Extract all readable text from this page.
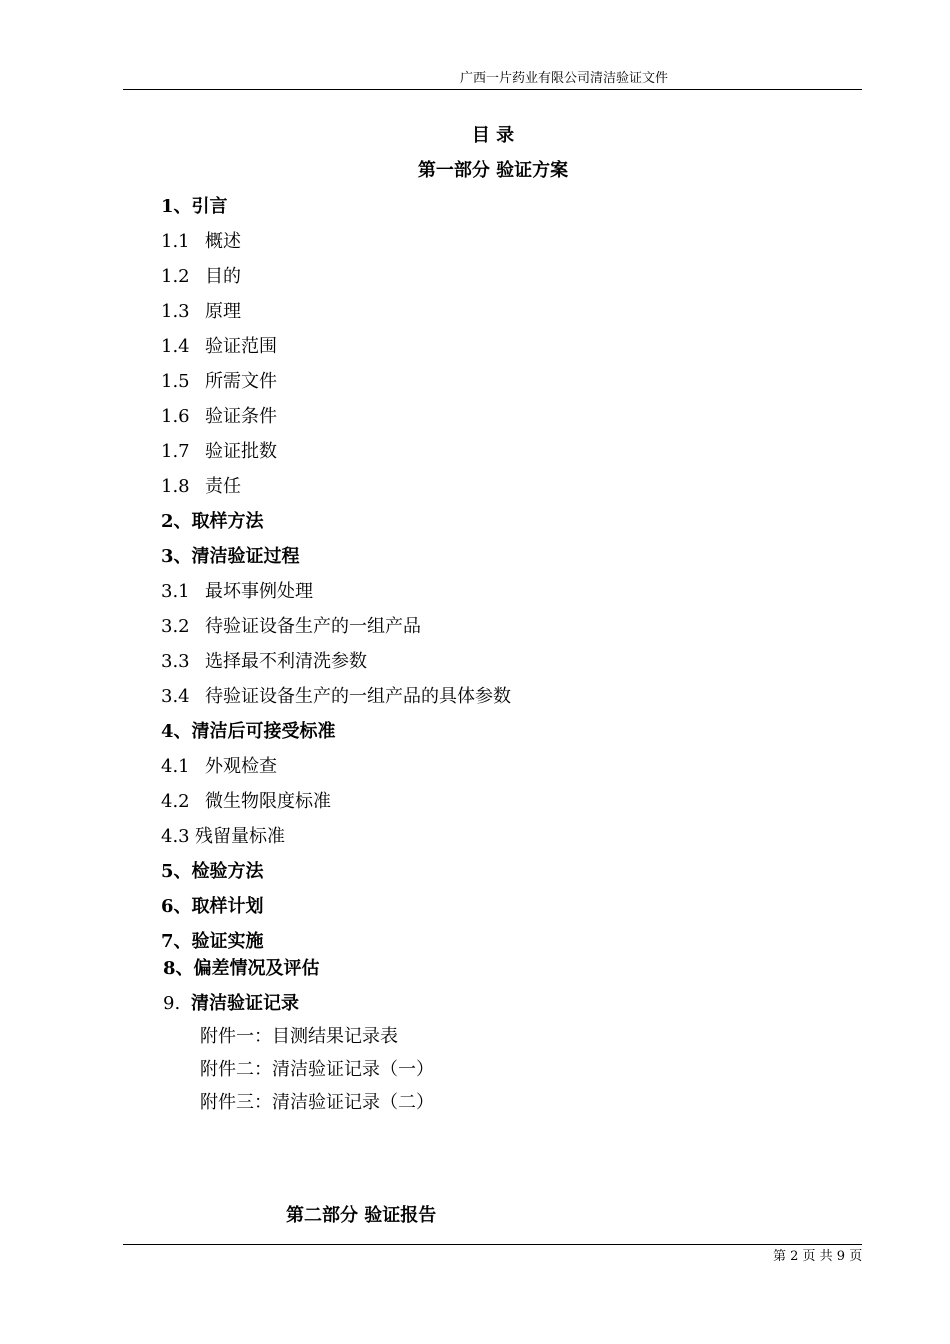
广西一片药业有限公司清洁验证文件
目 录
第一部分 验证方案
1、引言
1.1 概述
1.2 目的
1.3 原理
1.4 验证范围
1.5 所需文件
1.6 验证条件
1.7 验证批数
1.8 责任
2、取样方法
3、清洁验证过程
3.1 最坏事例处理
3.2 待验证设备生产的一组产品
3.3 选择最不利清洗参数
3.4 待验证设备生产的一组产品的具体参数
4、清洁后可接受标准
4.1 外观检查
4.2 微生物限度标准
4.3 残留量标准
5、检验方法
6、取样计划
7、验证实施
8、偏差情况及评估
9. 清洁验证记录
附件一：目测结果记录表
附件二：清洁验证记录（一）
附件三：清洁验证记录（二）
第二部分 验证报告
第 2 页 共 9 页
